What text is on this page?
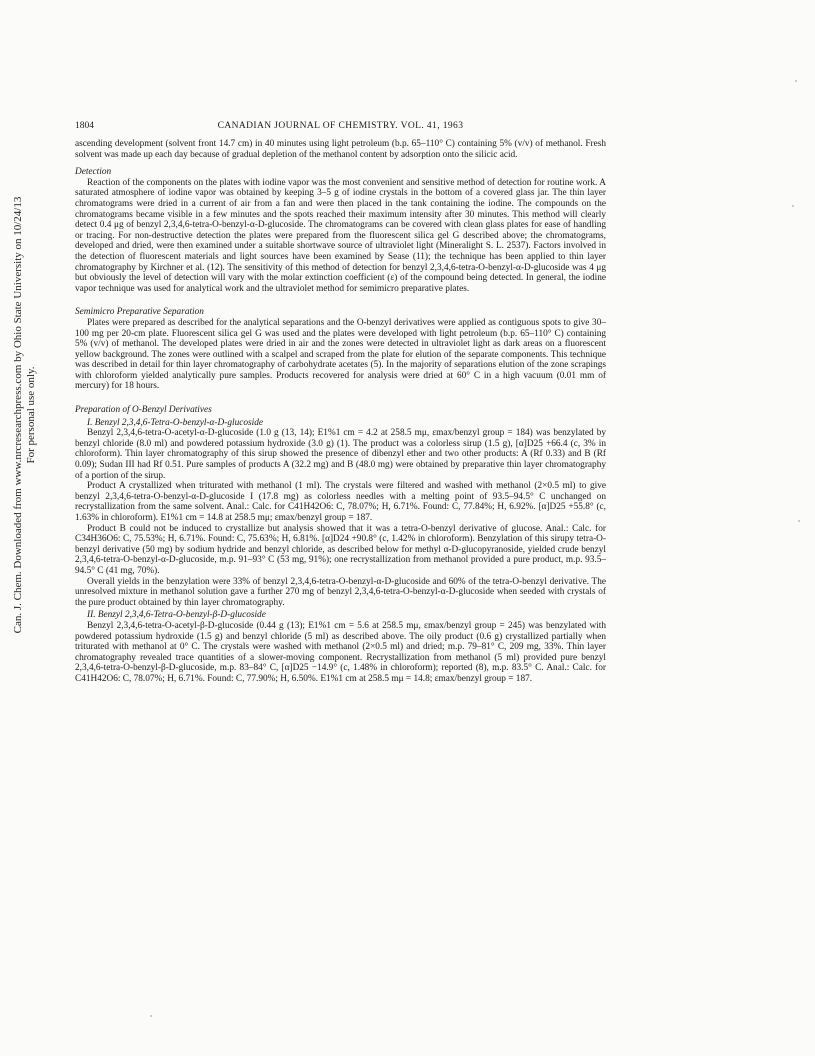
Can. J. Chem. Downloaded from www.nrcresearchpress.com by Ohio State University on 10/24/13 For personal use only.
1804	CANADIAN JOURNAL OF CHEMISTRY. VOL. 41, 1963

ascending development (solvent front 14.7 cm) in 40 minutes using light petroleum (b.p. 65–110° C) containing 5% (v/v) of methanol. Fresh solvent was made up each day because of gradual depletion of the methanol content by adsorption onto the silicic acid.

Detection

Reaction of the components on the plates with iodine vapor was the most convenient and sensitive method of detection for routine work. A saturated atmosphere of iodine vapor was obtained by keeping 3–5 g of iodine crystals in the bottom of a covered glass jar. The thin layer chromatograms were dried in a current of air from a fan and were then placed in the tank containing the iodine. The compounds on the chromatograms became visible in a few minutes and the spots reached their maximum intensity after 30 minutes. This method will clearly detect 0.4 μg of benzyl 2,3,4,6-tetra-O-benzyl-α-D-glucoside. The chromatograms can be covered with clean glass plates for ease of handling or tracing. For non-destructive detection the plates were prepared from the fluorescent silica gel G described above; the chromatograms, developed and dried, were then examined under a suitable shortwave source of ultraviolet light (Mineralight S. L. 2537). Factors involved in the detection of fluorescent materials and light sources have been examined by Sease (11); the technique has been applied to thin layer chromatography by Kirchner et al. (12). The sensitivity of this method of detection for benzyl 2,3,4,6-tetra-O-benzyl-α-D-glucoside was 4 μg but obviously the level of detection will vary with the molar extinction coefficient (ε) of the compound being detected. In general, the iodine vapor technique was used for analytical work and the ultraviolet method for semimicro preparative plates.

Semimicro Preparative Separation

Plates were prepared as described for the analytical separations and the O-benzyl derivatives were applied as contiguous spots to give 30–100 mg per 20-cm plate. Fluorescent silica gel G was used and the plates were developed with light petroleum (b.p. 65–110° C) containing 5% (v/v) of methanol. The developed plates were dried in air and the zones were detected in ultraviolet light as dark areas on a fluorescent yellow background. The zones were outlined with a scalpel and scraped from the plate for elution of the separate components. This technique was described in detail for thin layer chromatography of carbohydrate acetates (5). In the majority of separations elution of the zone scrapings with chloroform yielded analytically pure samples. Products recovered for analysis were dried at 60° C in a high vacuum (0.01 mm of mercury) for 18 hours.

Preparation of O-Benzyl Derivatives
I. Benzyl 2,3,4,6-Tetra-O-benzyl-α-D-glucoside

Benzyl 2,3,4,6-tetra-O-acetyl-α-D-glucoside (1.0 g (13, 14); E1%1 cm = 4.2 at 258.5 mμ, εmax/benzyl group = 184) was benzylated by benzyl chloride (8.0 ml) and powdered potassium hydroxide (3.0 g) (1). The product was a colorless sirup (1.5 g), [α]D25 +66.4 (c, 3% in chloroform). Thin layer chromatography of this sirup showed the presence of dibenzyl ether and two other products: A (Rf 0.33) and B (Rf 0.09); Sudan III had Rf 0.51. Pure samples of products A (32.2 mg) and B (48.0 mg) were obtained by preparative thin layer chromatography of a portion of the sirup.

Product A crystallized when triturated with methanol (1 ml). The crystals were filtered and washed with methanol (2×0.5 ml) to give benzyl 2,3,4,6-tetra-O-benzyl-α-D-glucoside I (17.8 mg) as colorless needles with a melting point of 93.5–94.5° C unchanged on recrystallization from the same solvent. Anal.: Calc. for C41H42O6: C, 78.07%; H, 6.71%. Found: C, 77.84%; H, 6.92%. [α]D25 +55.8° (c, 1.63% in chloroform). E1%1 cm = 14.8 at 258.5 mμ; εmax/benzyl group = 187.

Product B could not be induced to crystallize but analysis showed that it was a tetra-O-benzyl derivative of glucose. Anal.: Calc. for C34H36O6: C, 75.53%; H, 6.71%. Found: C, 75.63%; H, 6.81%. [α]D24 +90.8° (c, 1.42% in chloroform). Benzylation of this sirupy tetra-O-benzyl derivative (50 mg) by sodium hydride and benzyl chloride, as described below for methyl α-D-glucopyranoside, yielded crude benzyl 2,3,4,6-tetra-O-benzyl-α-D-glucoside, m.p. 91–93° C (53 mg, 91%); one recrystallization from methanol provided a pure product, m.p. 93.5–94.5° C (41 mg, 70%).

Overall yields in the benzylation were 33% of benzyl 2,3,4,6-tetra-O-benzyl-α-D-glucoside and 60% of the tetra-O-benzyl derivative. The unresolved mixture in methanol solution gave a further 270 mg of benzyl 2,3,4,6-tetra-O-benzyl-α-D-glucoside when seeded with crystals of the pure product obtained by thin layer chromatography.

II. Benzyl 2,3,4,6-Tetra-O-benzyl-β-D-glucoside

Benzyl 2,3,4,6-tetra-O-acetyl-β-D-glucoside (0.44 g (13); E1%1 cm = 5.6 at 258.5 mμ, εmax/benzyl group = 245) was benzylated with powdered potassium hydroxide (1.5 g) and benzyl chloride (5 ml) as described above. The oily product (0.6 g) crystallized partially when triturated with methanol at 0° C. The crystals were washed with methanol (2×0.5 ml) and dried; m.p. 79–81° C, 209 mg, 33%. Thin layer chromatography revealed trace quantities of a slower-moving component. Recrystallization from methanol (5 ml) provided pure benzyl 2,3,4,6-tetra-O-benzyl-β-D-glucoside, m.p. 83–84° C, [α]D25 −14.9° (c, 1.48% in chloroform); reported (8), m.p. 83.5° C. Anal.: Calc. for C41H42O6: C, 78.07%; H, 6.71%. Found: C, 77.90%; H, 6.50%. E1%1 cm at 258.5 mμ = 14.8; εmax/benzyl group = 187.
